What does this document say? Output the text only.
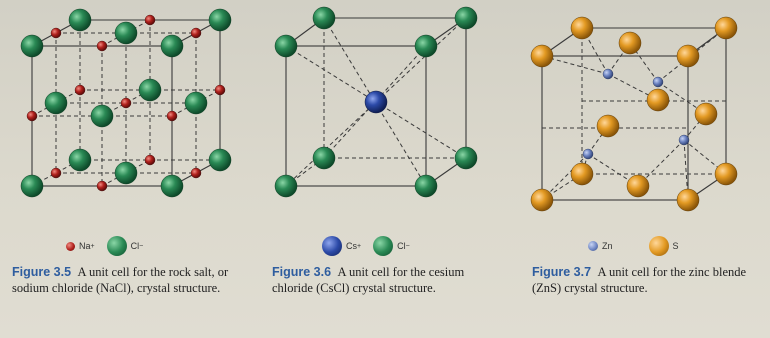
Na +	Cl −
Figure 3.5 A unit cell for the rock salt, or sodium chloride (NaCl), crystal structure.
Cs +	Cl −
Figure 3.6 A unit cell for the cesium chloride (CsCl) crystal structure.
Zn	S
Figure 3.7 A unit cell for the zinc blende (ZnS) crystal structure.
